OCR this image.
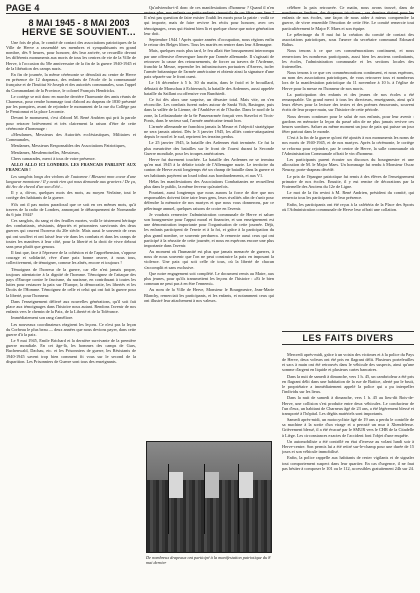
PAGE 4
8 MAI 1945 - 8 MAI 2003
HERVE SE SOUVIENT...

Une fois de plus, le comité de contact des associations patriotiques de la Ville de Herve a rassemblé ses membres et sympathisants en grand nombre, dès 9 heures, pour honorer, dès leur arrivée, se recueillir devant les différents monuments aux morts de tous les centres de vie de la Ville de Herve, à l'occasion du 58e anniversaire de la fin de la guerre 1940-1945 et de la libération des camps nazis.

En fin de journée, la même cérémonie se déroulait au centre de Herve en présence de 12 drapeaux, des enfants de l'école de la communauté française et de l'Institut St-Joseph et des autorités communales, sous l'appel du Commandant de la Province, le colonel François Hendrickx.

Le cortège se mit donc en marche derrière l'harmonie des amis réunis de Charneux, pour rendre hommage tout d'abord au drapeau de 1830 présenté par les pompiers, avant de rejoindre le monument de la rue du Collège par le Pensionnat et la place Lecomte.

Devant le monument, c'est d'abord M. René Andrien qui prit la parole pour retracer brièvement et très clairement la raison d'être de cette cérémonie d'hommage :

«Mesdames, Messieurs des Autorités ecclésiastiques, Militaires et Communales,

Mesdames, Messieurs Responsables des Associations Patriotiques,

Mesdames, Mesdemoiselles, Messieurs,

Chers camarades, merci à tous de votre présence.

ALLO ALLO ICI LONDRES. LES FRANCAIS PARLENT AUX FRANCAIS !

Les sanglots longs des violons de l'automne / Blessent mon coeur d'une langueur monotone / Il y avait rien qui nous demande aux graviers / De ça, dit Arc de cheval d'un son d'été...

Il y a, dit-on, quelques mots des mots, au moyen Verlaine, tout le cortège des habitants de la guerre.

S'ils ont il pas moins paradoxal que ce soit en ces mêmes mots, qu'à travers de la radio de Londres, annonçant le débarquement de Normandie du 6 juin 1944?

Ces sanglots, du sang et des feuilles mortes, voilà le tristement héritage des combattants, résistants, déportés et prisonniers survivants des deux guerres qui crurent l'horreur du 20e siècle. Mais aussi le souvenir de ceux qui ont souffert et ont laissé leur vie dans les combats et dans les camps de toutes les manières à leur côté, pour la liberté et la droit de vivre debout sans peur plutôt que genoux.

Il faut que, face à l'épreuve de la cohésion et de l'appréhension, s'oppose courage et solidarité, rêve d'une paix bonne œuvre, à nous tous, collectivement, de témoigner, comme les aînés, encore et toujours !

Témoignez de l'horreur de la guerre, car elle n'est jamais propre, toujours attentatoire à la dignité de l'homme. Témoignez de l'attaque des pays d'Europe contre le fascisme, du nazisme, en contribuant à toutes les luttes pour restaurer la paix sur l'Europe, la démocratie, les libertés et les Droits de l'Homme. Témoignez de celle et celui qui ont fait la guerre pour la liberté, pour l'honneur.

Dans l'enseignement délivré aux nouvelles générations, qu'il soit fait place aux témoignages dans l'histoire nous autant. Rendons l'avenir de nos enfants vers le chemin de la Paix, de la Liberté et de la Tolérance.

Immédiatement son rang s'améliore.

Les nouveaux coordinateurs réagirent les leçons. Ce n'est pas la leçon du Corbeau le plus beau — deux années que nous devions payer, dans cette guerre d'à la paix.

Le 9 mai 1945, Emile Brichard et la dernière survivante de la première guerre mondiale. En cet âge-là, les hommes des camps de Gurs, Buchenwald, Dachau, etc. et les Prisonniers de guerre, les Résistants de 1940-1945 savent trop bien comment fit vous sur le second de la disparition. Les Prisonniers de Guerre sont tous des enseignants.

Qu'adviendra-t-il donc de ces manifestations d'honneur ? Quand il n'en restera plus, nos enfants ou petits-enfants rieront-ils de ces fêtes sans âme ? Il n'est pas question de faire exister l'oubli les morts pour la patrie : voilà ce qui importe, mais de faire revivre les récits pour honorer, avec ces témoignages, ceux qui étaient bien là et quelque chose que notre génération leur doit.

Septembre 1944 ! Après quatre années d'occupation, nous régions enfin le retour des Belges libres. Tous les mariés en rentrer dans leur Allemagne.

Mais, quelques mois plus tard, le feu allait être brusquement interrompu par une offensive d'envergure lancée par l'armée allemande. Il s'agissait de retrouver la cause des retournements, de forcer au travers de l'Ardenne, franchir la Meuse, reprendre les infrastructures portuaires d'Anvers, isoler l'armée britannique de l'armée américaine et obtenir ainsi la signature d'une paix séparée sur le front ouest.

Le 16 décembre à 5 h. 30 du matin, dans le froid et le brouillard, débutait de Monschau à Echternach, la bataille des Ardennes, aussi appelée bataille du Saillant ou offensive von Rundstedt.

Ce fut dès alors une surprise, un désastre total. Mais vite, on s'en réconcilie. Les combats furent rudes autour de Sankt Vith, Bastogne, puis dans la vallée de la Lienne, de l'Amblève et de l'Ourthe. Dans le nord de la zone, la Leibstandarte de la 6e Panzerarmée fonçait vers Stavelot et Trois-Ponts, dans le secteur sud, l'armée américaine tenait bon.

L'armée allemande ne franchira jamais la Meuse et l'objectif stratégique ne sera jamais atteint. Dès le 3 janvier 1945, les alliés contre-attaquaient depuis le nord et le sud, reprirent les terrains perdus.

Le 25 janvier 1945, la bataille des Ardennes était terminée. Ce fut la plus meurtrière des batailles sur le front de l'ouest durant la Seconde Guerre mondiale, pour les troupes américaines.

Herve fut durement touchée. La bataille des Ardennes ne se termina qu'en mai 1945 à la défaite totale de l'Allemagne nazie. Le territoire du canton de Herve avait longtemps été un champ de bataille dans la guerre et ses habitants payèrent un lourd tribut aux bombardements, et aux V1.

Hélas les manifestations des Associations Combattantes ne recueillent plus dans le public, la même ferveur qu'autrefois.

Pourtant, aussi longtemps que nous aurons la force de dire que nos responsables doivent faire taire leurs gens, leurs rivalités afin de s'unir pour défendre la mémoire de nos martyrs et que nous vous donnerons, par ce pèlerinage annuel, quelques raisons de croire en l'avenir.

Je voudrais remercier l'administration communale de Herve et saluer son bourgmestre pour l'appui moral et financier, et son enseignement est une démonstration importante pour l'organisation de cette journée. Déjà, les enfants participent de l'envie et à la foi, et grâce à la participation du plus grand nombre, ce souvenir perdurera. Je remercie aussi ceux qui ont participé à la réussite de cette journée, et nous en espérons encore une plus importante dans l'avenir.

Au moment où l'humanité est plus que jamais menacée de guerres, à nous de nous souvenir que l'on ne peut construire la paix en imposant la violence. Une paix qui soit celle de tous, où la liberté de chacun s'accomplit et sans exclusive.

Que notre engagement soit complété. Le document remis au Maire, aux plus jeunes, pour qu'ils transmettent les leçons de l'histoire : «Et le bien commun ne peut pas à en être l'ennemi».

Au nom de la Ville de Herve, Monsieur le Bourgmestre, Jean-Marie Blanchy, remerciait les participants, et les enfants, et notamment ceux qui ont illustré leur attachement à nos valeurs.

De nombreux drapeaux ont participé à la manifestation patriotique du 8 mai dernier

célébrer la paix retrouvée. Ce matin, nous avons trouvé, dans de nombreuses fenêtres, des drapeaux tricolores ; ces derniers étaient pour les enfants de nos écoles, une façon de nous aider à mieux comprendre la guerre, de vivre ensemble l'émotion de cette fête. Le comité remercie tout particulièrement le Major F. Maes et son équipe.

Le pèlerinage du 8 mai fut la création du comité de contact des associations patriotiques, sous l'œuvre du secrétaire communal Edouard Baltus.

Nous tenons à ce que ces commémorations continuent, et nous remercions les nombreux participants, aussi bien les anciens combattants, les écoles, l'administration communale et les sections locales des fraternelles.

Nous tenons à ce que ces commémorations continuent, et nous espérons, au nom des associations patriotiques, de vous retrouver tous et nombreux lors de la manifestation patriotique du 11 novembre à 10 h. à l'église de Herve pour la messe en l'honneur de nos morts.

La participation des enfants et des jeunes de nos écoles a été remarquable. Un grand merci à tous les directeurs, enseignants, ainsi qu'à leurs élèves pour la lecture des textes et des poèmes émouvants, souvent écrits de leur propre main, sur l'histoire de cette période.

Nous devons continuer pour le salut de nos enfants, pour leur avenir : gardons en mémoire la leçon du passé afin de ne plus jamais revivre ces heures sombres. Saluer au même moment un jour de paix qui puisse un jour fêter partout dans le monde.

C'est à la fin de la guerre qu'ont été ajoutés à nos monuments les noms de nos morts de 1940-1945, et de nos martyrs. Après la cérémonie, le cortège se reforma pour rejoindre, par le centre de Herve, la salle communale où l'Administration Communale offrait le vin d'honneur.

Les participants purent écouter un discours du bourgmestre et une allocution de M. le Major Maes. Un hommage fut rendu à Monsieur Oscar Neuray, porte-drapeau décédé.

Le prix de l'épargne patriotique fut remis à des élèves de l'enseignement primaire de nos écoles. Ensuite, il y eut remise de décorations par la Fraternelle des Anciens du 12e de Ligne.

Le mot de la fin revint à M. René Andrien, président du comité, qui remercia tous les participants de leur présence.

Enfin, les participants ont été reçus à la cafétéria de la Place des Sports où l'Administration communale de Herve leur offrait une collation.

LES FAITS DIVERS

Mercredi après-midi, grâce à un voisin des victimes et à la police du Pays de Herve, deux voleurs ont été pris en flagrant délit. Plusieurs portefeuilles et sacs à main ont été retrouvés dans le véhicule des suspects, ainsi qu'une somme d'argent en liquide et plusieurs cartes bancaires.

Dans la nuit de samedi à dimanche, vers 1 h. 45, un cambrioleur a été pris en flagrant délit dans une habitation de la rue de Battice, alerté par le bruit, le propriétaire a immédiatement appelé la police qui a pu interpeller l'individu sur les lieux.

Dans la nuit de samedi à dimanche, vers 1 h. 45 au lieu-dit Bois-de-Herve, une collision s'est produite entre deux véhicules. Le conducteur de l'un d'eux, un habitant de Charneux âgé de 23 ans, a été légèrement blessé et transporté à l'hôpital. Les dégâts matériels sont importants.

Samedi après-midi, un motocycliste âgé de 19 ans a perdu le contrôle de sa machine à la sortie d'un virage et a percuté un mur à Xhendelesse. Grièvement blessé, il a été évacué par le SMUR vers le CHR de la Citadelle à Liège. Les circonstances exactes de l'accident font l'objet d'une enquête.

Un automobiliste a été contrôlé en état d'ivresse au volant lundi soir à Herve-centre. Son permis lui a été retiré sur-le-champ pour une durée de 15 jours et son véhicule immobilisé.

Enfin, la police rappelle aux habitants de rester vigilants et de signaler tout comportement suspect dans leur quartier. En cas d'urgence, il ne faut pas hésiter à composer le 101 ou le 112, accessibles gratuitement 24h sur 24.
